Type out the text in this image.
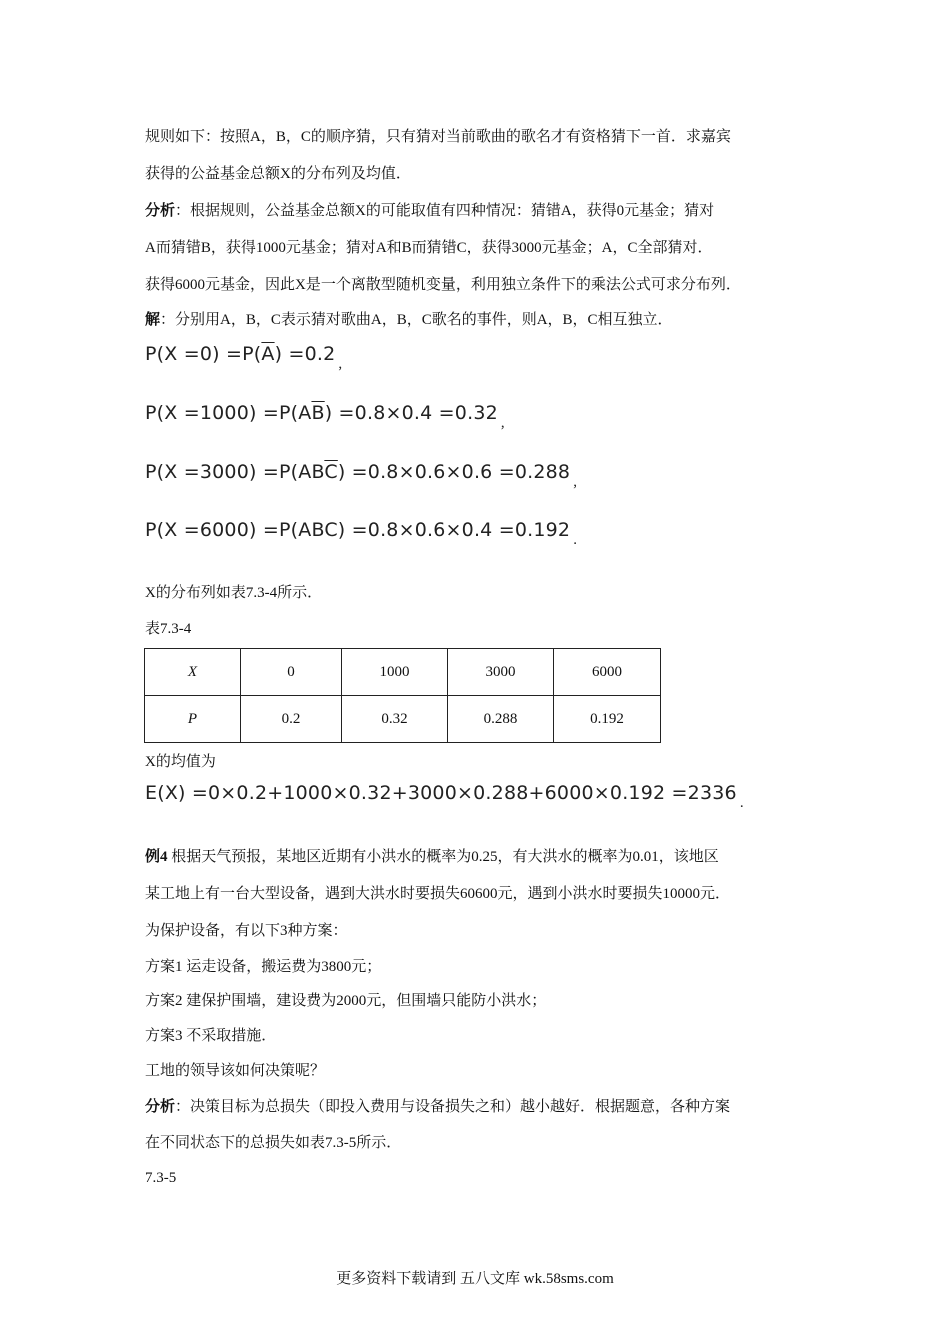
规则如下：按照A，B，C的顺序猜，只有猜对当前歌曲的歌名才有资格猜下一首．求嘉宾
获得的公益基金总额X的分布列及均值．
分析：根据规则，公益基金总额X的可能取值有四种情况：猜错A，获得0元基金；猜对
A而猜错B，获得1000元基金；猜对A和B而猜错C，获得3000元基金；A，C全部猜对．
获得6000元基金，因此X是一个离散型随机变量，利用独立条件下的乘法公式可求分布列．
解：分别用A，B，C表示猜对歌曲A，B，C歌名的事件，则A，B，C相互独立．
$P(X =0) =P(\overline{A}) =0.2$ $_,$
$P(X =1000) =P(A\overline{B}) =0.8\times 0.4 =0.32$ $_,$
$P(X =3000) =P(AB\overline{C}) =0.8\times 0.6\times 0.6 =0.288$ $_,$
P(X =6000) =P(ABC) =0.8×0.6×0.4 =0.192 $_.$
X的分布列如表7.3-4所示．
表7.3-4
X	0	1000	3000	6000
P	0.2	0.32	0.288	0.192
X的均值为
E(X) =0×0.2+1000×0.32+3000×0.288+6000×0.192 =2336 $_.$
例4 根据天气预报，某地区近期有小洪水的概率为0.25，有大洪水的概率为0.01，该地区
某工地上有一台大型设备，遇到大洪水时要损失60600元，遇到小洪水时要损失10000元．
为保护设备，有以下3种方案：
方案1 运走设备，搬运费为3800元；
方案2 建保护围墙，建设费为2000元，但围墙只能防小洪水；
方案3 不采取措施．
工地的领导该如何决策呢？
分析：决策目标为总损失（即投入费用与设备损失之和）越小越好．根据题意，各种方案
在不同状态下的总损失如表7.3-5所示．
7.3-5
更多资料下载请到 五八文库 wk.58sms.com
